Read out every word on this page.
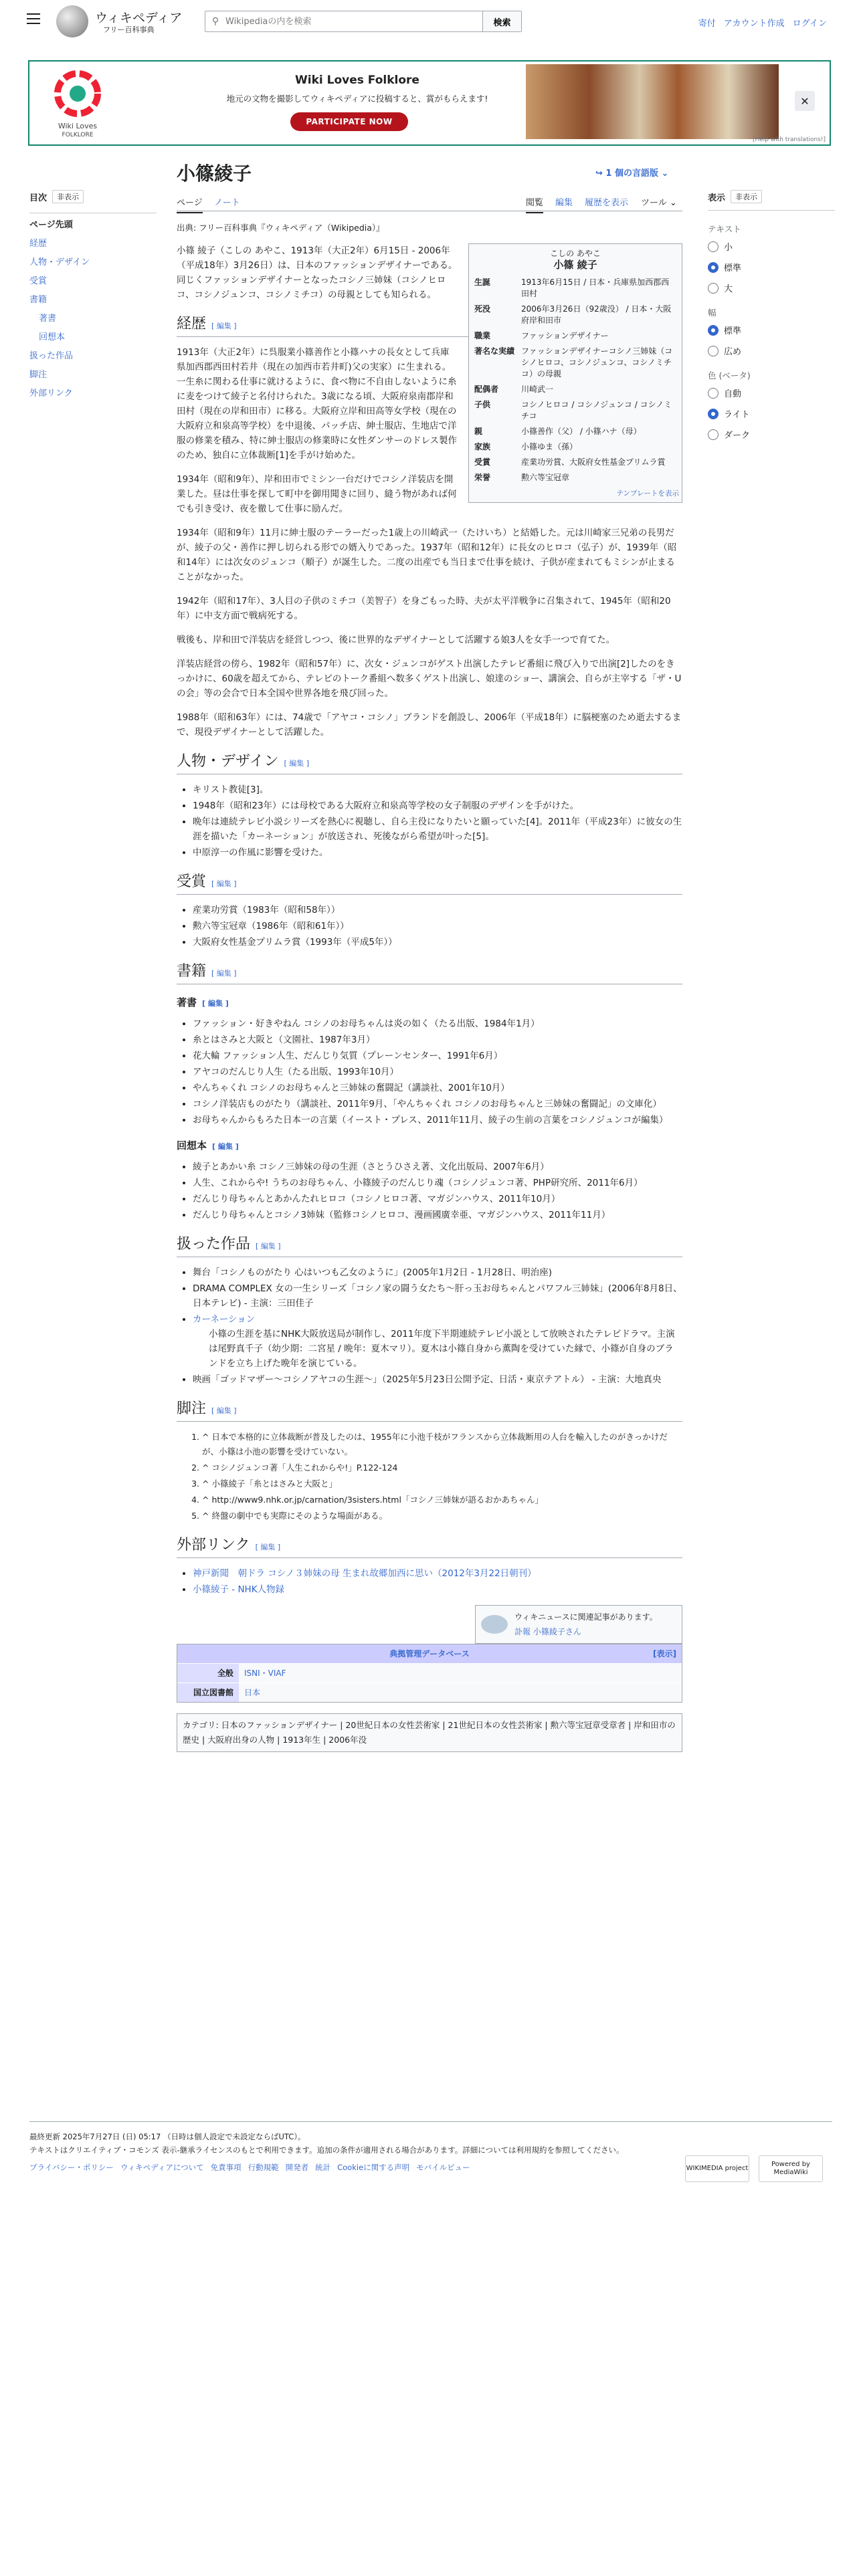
ウィキペディア
フリー百科事典
⚲
Wikipediaの内を検索	検索	寄付 アカウント作成 ログイン
Wiki Loves
FOLKLORE
Wiki Loves Folklore
地元の文物を撮影してウィキペディアに投稿すると、賞がもらえます!
PARTICIPATE NOW
✕
[Help with translations!]
小篠綾子	↪ 1 個の言語版 ⌄
ページ ノート	閲覧 編集 履歴を表示 ツール ⌄
目次	非表示
ページ先頭
経歴
人物・デザイン
受賞
書籍
著書
回想本
扱った作品
脚注
外部リンク
表示	非表示
テキスト
小
標準
大
幅
標準
広め
色 (ベータ)
自動
ライト
ダーク

出典: フリー百科事典『ウィキペディア（Wikipedia）』

こしの あやこ
小篠 綾子
生誕	1913年6月15日 / 日本・兵庫県加西郡西田村
死没	2006年3月26日（92歳没） / 日本・大阪府岸和田市
職業	ファッションデザイナー
著名な実績	ファッションデザイナーコシノ三姉妹（コシノヒロコ、コシノジュンコ、コシノミチコ）の母親
配偶者	川崎武一
子供	コシノヒロコ / コシノジュンコ / コシノミチコ
親	小篠善作（父） / 小篠ハナ（母）
家族	小篠ゆま（孫）
受賞	産業功労賞、大阪府女性基金プリムラ賞
栄誉	勲六等宝冠章
テンプレートを表示

小篠 綾子（こしの あやこ、1913年（大正2年）6月15日 - 2006年（平成18年）3月26日）は、日本のファッションデザイナーである。同じくファッションデザイナーとなったコシノ三姉妹（コシノヒロコ、コシノジュンコ、コシノミチコ）の母親としても知られる。

経歴 [ 編集 ]

1913年（大正2年）に呉服業小篠善作と小篠ハナの長女として兵庫県加西郡西田村若井（現在の加西市若井町)父の実家）に生まれる。一生糸に関わる仕事に就けるように、食べ物に不自由しないように糸に麦をつけて綾子と名付けられた。3歳になる頃、大阪府泉南郡岸和田村（現在の岸和田市）に移る。大阪府立岸和田高等女学校（現在の大阪府立和泉高等学校）を中退後、パッチ店、紳士服店、生地店で洋服の修業を積み、特に紳士服店の修業時に女性ダンサーのドレス製作のため、独自に立体裁断[1]を手がけ始めた。

1934年（昭和9年）、岸和田市でミシン一台だけでコシノ洋装店を開業した。昼は仕事を探して町中を御用聞きに回り、縫う物があれば何でも引き受け、夜を徹して仕事に励んだ。

1934年（昭和9年）11月に紳士服のテーラーだった1歳上の川崎武一（たけいち）と結婚した。元は川崎家三兄弟の長男だが、綾子の父・善作に押し切られる形での婿入りであった。1937年（昭和12年）に長女のヒロコ（弘子）が、1939年（昭和14年）には次女のジュンコ（順子）が誕生した。二度の出産でも当日まで仕事を続け、子供が産まれてもミシンが止まることがなかった。

1942年（昭和17年）、3人目の子供のミチコ（美智子）を身ごもった時、夫が太平洋戦争に召集されて、1945年（昭和20年）に中支方面で戦病死する。

戦後も、岸和田で洋装店を経営しつつ、後に世界的なデザイナーとして活躍する娘3人を女手一つで育てた。

洋装店経営の傍ら、1982年（昭和57年）に、次女・ジュンコがゲスト出演したテレビ番組に飛び入りで出演[2]したのをきっかけに、60歳を超えてから、テレビのトーク番組へ数多くゲスト出演し、娘達のショー、講演会、自らが主宰する「ザ・Uの会」等の会合で日本全国や世界各地を飛び回った。

1988年（昭和63年）には、74歳で「アヤコ・コシノ」ブランドを創設し、2006年（平成18年）に脳梗塞のため逝去するまで、現役デザイナーとして活躍した。

人物・デザイン [ 編集 ]
• キリスト教徒[3]。
• 1948年（昭和23年）には母校である大阪府立和泉高等学校の女子制服のデザインを手がけた。
• 晩年は連続テレビ小説シリーズを熱心に視聴し、自ら主役になりたいと願っていた[4]。2011年（平成23年）に彼女の生涯を描いた「カーネーション」が放送され、死後ながら希望が叶った[5]。
• 中原淳一の作風に影響を受けた。
受賞 [ 編集 ]
• 産業功労賞（1983年（昭和58年））
• 勲六等宝冠章（1986年（昭和61年））
• 大阪府女性基金プリムラ賞（1993年（平成5年））
書籍 [ 編集 ]
著書 [ 編集 ]
• ファッション・好きやねん コシノのお母ちゃんは炎の如く（たる出版、1984年1月）
• 糸とはさみと大阪と（文園社、1987年3月）
• 花大輪 ファッション人生、だんじり気質（プレーンセンター、1991年6月）
• アヤコのだんじり人生（たる出版、1993年10月）
• やんちゃくれ コシノのお母ちゃんと三姉妹の奮闘記（講談社、2001年10月）
• コシノ洋装店ものがたり（講談社、2011年9月、「やんちゃくれ コシノのお母ちゃんと三姉妹の奮闘記」の文庫化）
• お母ちゃんからもろた日本一の言葉（イースト・プレス、2011年11月、綾子の生前の言葉をコシノジュンコが編集）
回想本 [ 編集 ]
• 綾子とあかい糸 コシノ三姉妹の母の生涯（さとうひさえ著、文化出版局、2007年6月）
• 人生、これからや! うちのお母ちゃん、小篠綾子のだんじり魂（コシノジュンコ著、PHP研究所、2011年6月）
• だんじり母ちゃんとあかんたれヒロコ（コシノヒロコ著、マガジンハウス、2011年10月）
• だんじり母ちゃんとコシノ3姉妹（監修コシノヒロコ、漫画國廣幸亜、マガジンハウス、2011年11月）
扱った作品 [ 編集 ]
• 舞台「コシノものがたり 心はいつも乙女のように」(2005年1月2日 - 1月28日、明治座)
• DRAMA COMPLEX 女の一生シリーズ「コシノ家の闘う女たち〜肝っ玉お母ちゃんとパワフル三姉妹」(2006年8月8日、日本テレビ) - 主演：三田佳子
• カーネーション
小篠の生涯を基にNHK大阪放送局が制作し、2011年度下半期連続テレビ小説として放映されたテレビドラマ。主演は尾野真千子（幼少期：二宮星 / 晩年：夏木マリ）。夏木は小篠自身から薫陶を受けていた縁で、小篠が自身のブランドを立ち上げた晩年を演じている。
• 映画「ゴッドマザー〜コシノアヤコの生涯〜」（2025年5月23日公開予定、日活・東京テアトル） - 主演：大地真央
脚注 [ 編集 ]
1. ^ 日本で本格的に立体裁断が普及したのは、1955年に小池千枝がフランスから立体裁断用の人台を輸入したのがきっかけだが、小篠は小池の影響を受けていない。
2. ^ コシノジュンコ著「人生これからや!」P.122-124
3. ^ 小篠綾子「糸とはさみと大阪と」
4. ^ http://www9.nhk.or.jp/carnation/3sisters.html「コシノ三姉妹が語るおかあちゃん」
5. ^ 終盤の劇中でも実際にそのような場面がある。
外部リンク [ 編集 ]
• 神戸新聞　朝ドラ コシノ３姉妹の母 生まれ故郷加西に思い（2012年3月22日朝刊）
• 小篠綾子 - NHK人物録
ウィキニュースに関連記事があります。
訃報 小篠綾子さん
典拠管理データベース	[表示]
全般	ISNI・VIAF
国立図書館	日本
カテゴリ: 日本のファッションデザイナー | 20世紀日本の女性芸術家 | 21世紀日本の女性芸術家 | 勲六等宝冠章受章者 | 岸和田市の歴史 | 大阪府出身の人物 | 1913年生 | 2006年没
最終更新 2025年7月27日 (日) 05:17 （日時は個人設定で未設定ならばUTC）。
テキストはクリエイティブ・コモンズ 表示-継承ライセンスのもとで利用できます。追加の条件が適用される場合があります。詳細については利用規約を参照してください。
プライバシー・ポリシー ウィキペディアについて 免責事項 行動規範 開発者 統計 Cookieに関する声明 モバイルビュー	WIKIMEDIA project
Powered by MediaWiki
